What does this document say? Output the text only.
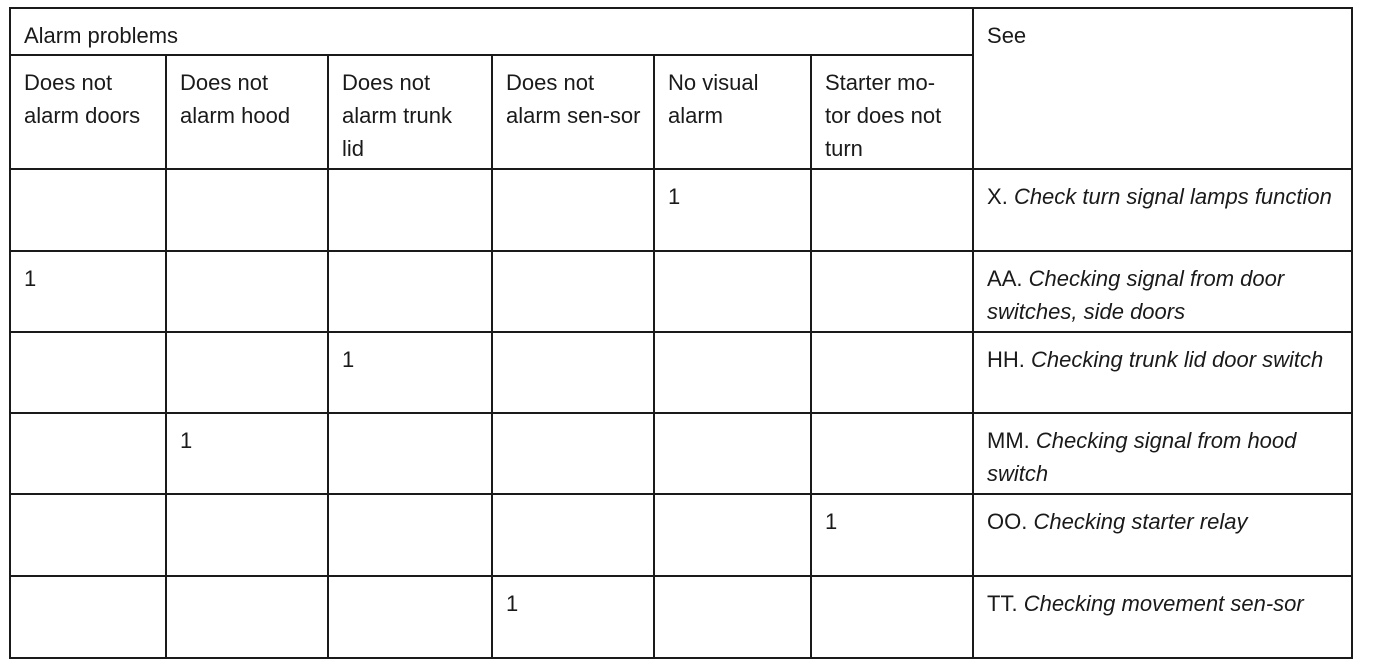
Alarm problems						See
Does not alarm doors	Does not alarm hood	Does not alarm trunk lid	Does not alarm sen-sor	No visual alarm	Starter mo-tor does not turn	
				1		X. Check turn signal lamps function
1						AA. Checking signal from door switches, side doors
		1				HH. Checking trunk lid door switch
	1					MM. Checking signal from hood switch
					1	OO. Checking starter relay
			1			TT. Checking movement sen-sor
